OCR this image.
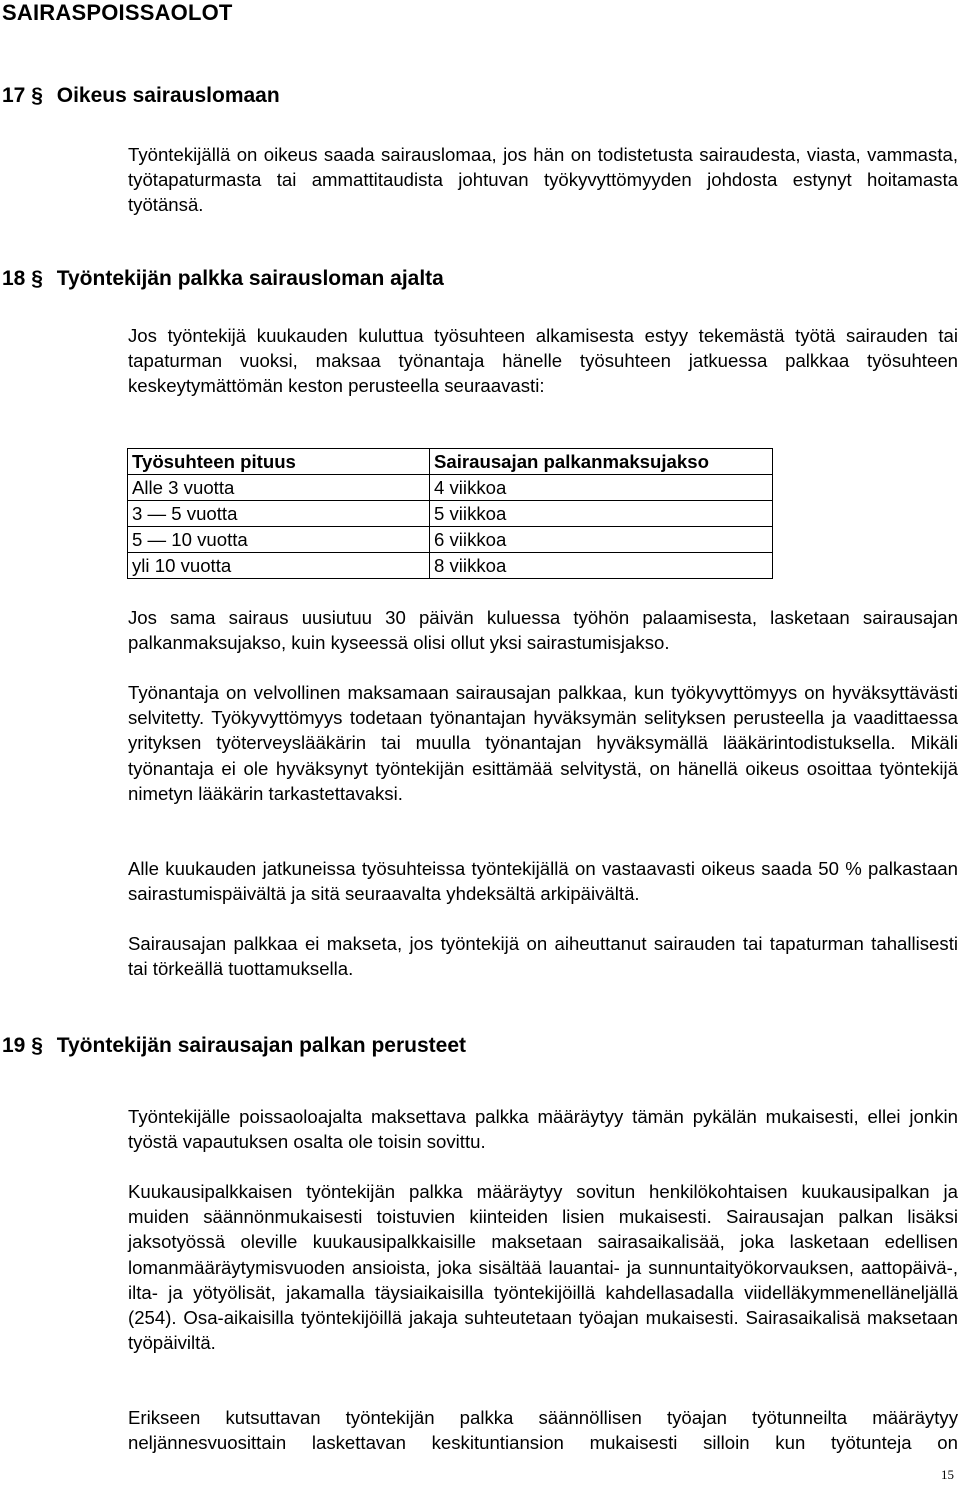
SAIRASPOISSAOLOT
17 § Oikeus sairauslomaan
Työntekijällä on oikeus saada sairauslomaa, jos hän on todistetusta sairaudesta, viasta, vammasta, työtapaturmasta tai ammattitaudista johtuvan työkyvyttömyyden johdosta estynyt hoitamasta työtänsä.
18 § Työntekijän palkka sairausloman ajalta
Jos työntekijä kuukauden kuluttua työsuhteen alkamisesta estyy tekemästä työtä sairauden tai tapaturman vuoksi, maksaa työnantaja hänelle työsuhteen jatkuessa palkkaa työsuhteen keskeytymättömän keston perusteella seuraavasti:
Työsuhteen pituus	Sairausajan palkanmaksujakso
Alle 3 vuotta	4 viikkoa
3 — 5 vuotta	5 viikkoa
5 — 10 vuotta	6 viikkoa
yli 10 vuotta	8 viikkoa
Jos sama sairaus uusiutuu 30 päivän kuluessa työhön palaamisesta, lasketaan sairausajan palkanmaksujakso, kuin kyseessä olisi ollut yksi sairastumisjakso.
Työnantaja on velvollinen maksamaan sairausajan palkkaa, kun työkyvyttömyys on hyväksyttävästi selvitetty. Työkyvyttömyys todetaan työnantajan hyväksymän selityksen perusteella ja vaadittaessa yrityksen työterveyslääkärin tai muulla työnantajan hyväksymällä lääkärintodistuksella. Mikäli työnantaja ei ole hyväksynyt työntekijän esittämää selvitystä, on hänellä oikeus osoittaa työntekijä nimetyn lääkärin tarkastettavaksi.
Alle kuukauden jatkuneissa työsuhteissa työntekijällä on vastaavasti oikeus saada 50 % palkastaan sairastumispäivältä ja sitä seuraavalta yhdeksältä arkipäivältä.
Sairausajan palkkaa ei makseta, jos työntekijä on aiheuttanut sairauden tai tapaturman tahallisesti tai törkeällä tuottamuksella.
19 § Työntekijän sairausajan palkan perusteet
Työntekijälle poissaoloajalta maksettava palkka määräytyy tämän pykälän mukaisesti, ellei jonkin työstä vapautuksen osalta ole toisin sovittu.
Kuukausipalkkaisen työntekijän palkka määräytyy sovitun henkilökohtaisen kuukausipalkan ja muiden säännönmukaisesti toistuvien kiinteiden lisien mukaisesti. Sairausajan palkan lisäksi jaksotyössä oleville kuukausipalkkaisille maksetaan sairasaikalisää, joka lasketaan edellisen lomanmääräytymisvuoden ansioista, joka sisältää lauantai- ja sunnuntaityökorvauksen, aattopäivä-, ilta- ja yötyölisät, jakamalla täysiaikaisilla työntekijöillä kahdellasadalla viidelläkymmenelläneljällä (254). Osa-aikaisilla työntekijöillä jakaja suhteutetaan työajan mukaisesti. Sairasaikalisä maksetaan työpäiviltä.
Erikseen kutsuttavan työntekijän palkka säännöllisen työajan työtunneilta määräytyy neljännesvuosittain laskettavan keskituntiansion mukaisesti silloin kun työtunteja on
15
